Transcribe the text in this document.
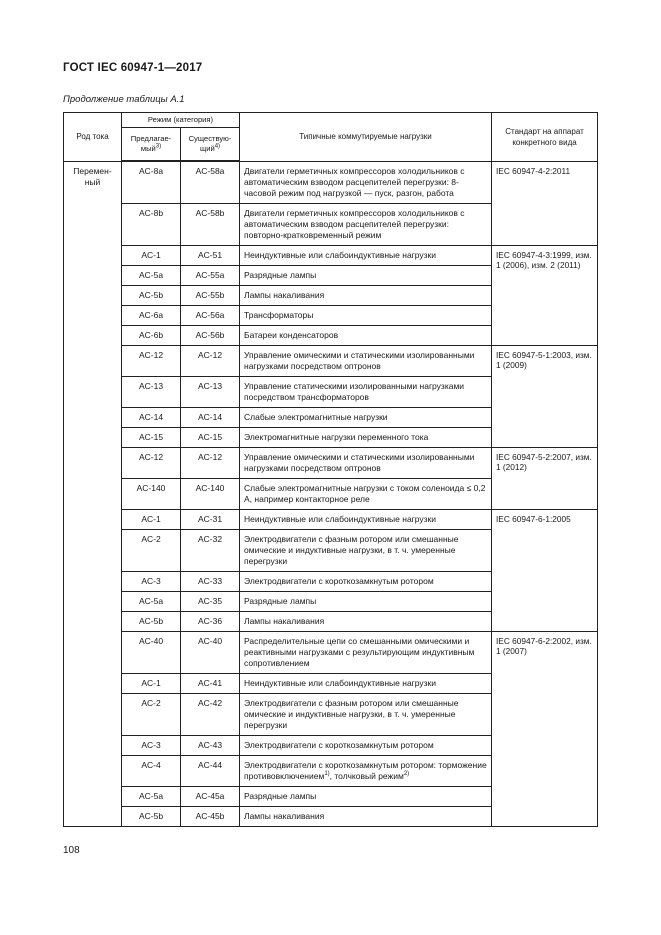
ГОСТ IEC 60947-1—2017
Продолжение таблицы А.1
Род тока	Режим (категория)		Типичные коммутируемые нагрузки	Стандарт на аппарат конкретного вида
	Предлагае-мый$^{3)}$	Существую-щий$^{4)}$
Перемен-ный	AC-8a	AC-58a	Двигатели герметичных компрессоров холодильников с автоматическим взводом расцепителей перегрузки: 8-часовой режим под нагрузкой — пуск, разгон, работа	IEC 60947-4-2:2011
	AC-8b	AC-58b	Двигатели герметичных компрессоров холодильников с автоматическим взводом расцепителей перегрузки: повторно-кратковременный режим	
	AC-1	AC-51	Неиндуктивные или слабоиндуктивные нагрузки	IEC 60947-4-3:1999, изм. 1 (2006), изм. 2 (2011)
	AC-5a	AC-55a	Разрядные лампы	
	AC-5b	AC-55b	Лампы накаливания	
	AC-6a	AC-56a	Трансформаторы	
	AC-6b	AC-56b	Батареи конденсаторов	
	AC-12	AC-12	Управление омическими и статическими изолированными нагрузками посредством оптронов	IEC 60947-5-1:2003, изм. 1 (2009)
	AC-13	AC-13	Управление статическими изолированными нагрузками посредством трансформаторов	
	AC-14	AC-14	Слабые электромагнитные нагрузки	
	AC-15	AC-15	Электромагнитные нагрузки переменного тока	
	AC-12	AC-12	Управление омическими и статическими изолированными нагрузками посредством оптронов	IEC 60947-5-2:2007, изм. 1 (2012)
	AC-140	AC-140	Слабые электромагнитные нагрузки с током соленоида ≤ 0,2 А, например контакторное реле	
	AC-1	AC-31	Неиндуктивные или слабоиндуктивные нагрузки	IEC 60947-6-1:2005
	AC-2	AC-32	Электродвигатели с фазным ротором или смешанные омические и индуктивные нагрузки, в т. ч. умеренные перегрузки	
	AC-3	AC-33	Электродвигатели с короткозамкнутым ротором	
	AC-5a	AC-35	Разрядные лампы	
	AC-5b	AC-36	Лампы накаливания	
	AC-40	AC-40	Распределительные цепи со смешанными омическими и реактивными нагрузками с результирующим индуктивным сопротивлением	IEC 60947-6-2:2002, изм. 1 (2007)
	AC-1	AC-41	Неиндуктивные или слабоиндуктивные нагрузки	
	AC-2	AC-42	Электродвигатели с фазным ротором или смешанные омические и индуктивные нагрузки, в т. ч. умеренные перегрузки	
	AC-3	AC-43	Электродвигатели с короткозамкнутым ротором	
	AC-4	AC-44	Электродвигатели с короткозамкнутым ротором: торможение противовключением$^{1)}$, толчковый режим$^{2)}$
	AC-5a	AC-45a	Разрядные лампы	
	AC-5b	AC-45b	Лампы накаливания	
108
